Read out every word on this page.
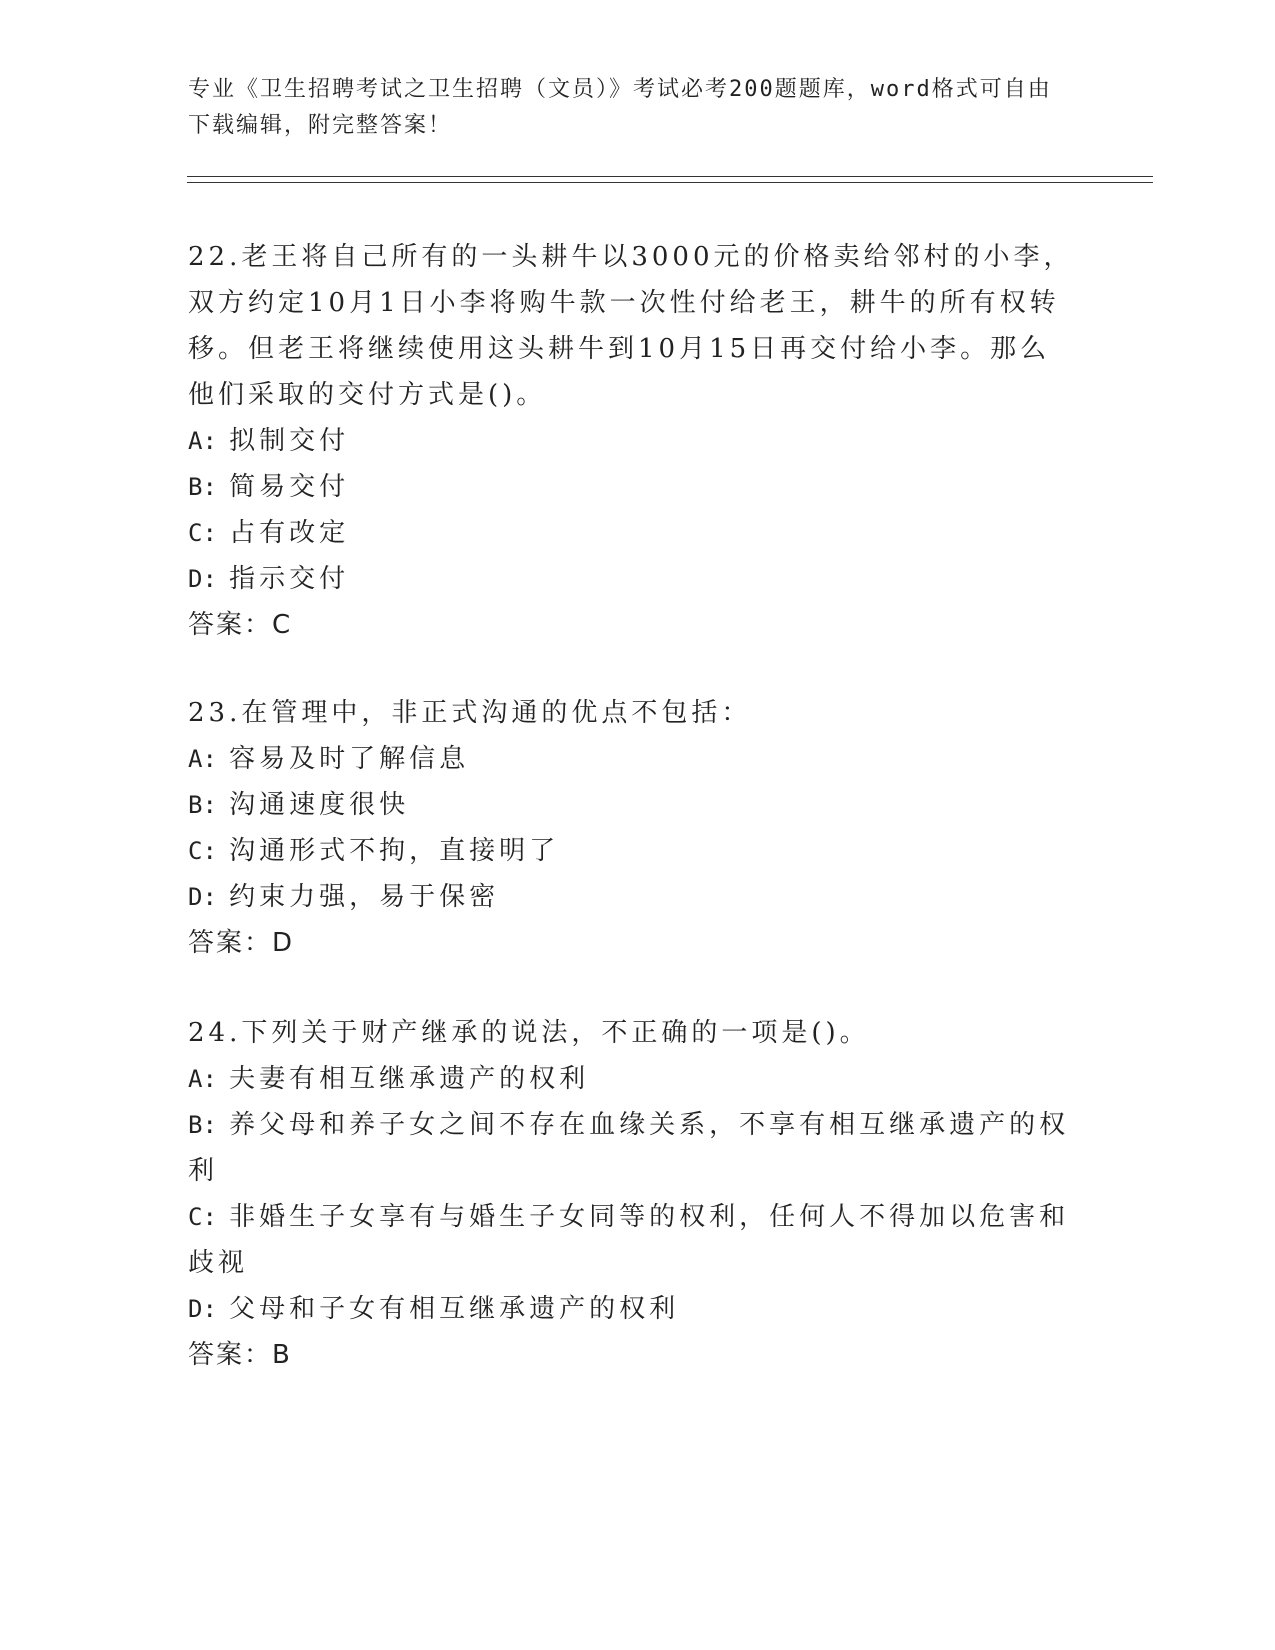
专业《卫生招聘考试之卫生招聘（文员）》考试必考200题题库，word格式可自由下载编辑，附完整答案！

22.老王将自己所有的一头耕牛以3000元的价格卖给邻村的小李，双方约定10月1日小李将购牛款一次性付给老王，耕牛的所有权转移。但老王将继续使用这头耕牛到10月15日再交付给小李。那么他们采取的交付方式是()。

A: 拟制交付

B: 简易交付

C: 占有改定

D: 指示交付

答案：C

23.在管理中，非正式沟通的优点不包括：

A: 容易及时了解信息

B: 沟通速度很快

C: 沟通形式不拘，直接明了

D: 约束力强，易于保密

答案：D

24.下列关于财产继承的说法，不正确的一项是()。

A: 夫妻有相互继承遗产的权利

B: 养父母和养子女之间不存在血缘关系，不享有相互继承遗产的权利

C: 非婚生子女享有与婚生子女同等的权利，任何人不得加以危害和歧视

D: 父母和子女有相互继承遗产的权利

答案：B
